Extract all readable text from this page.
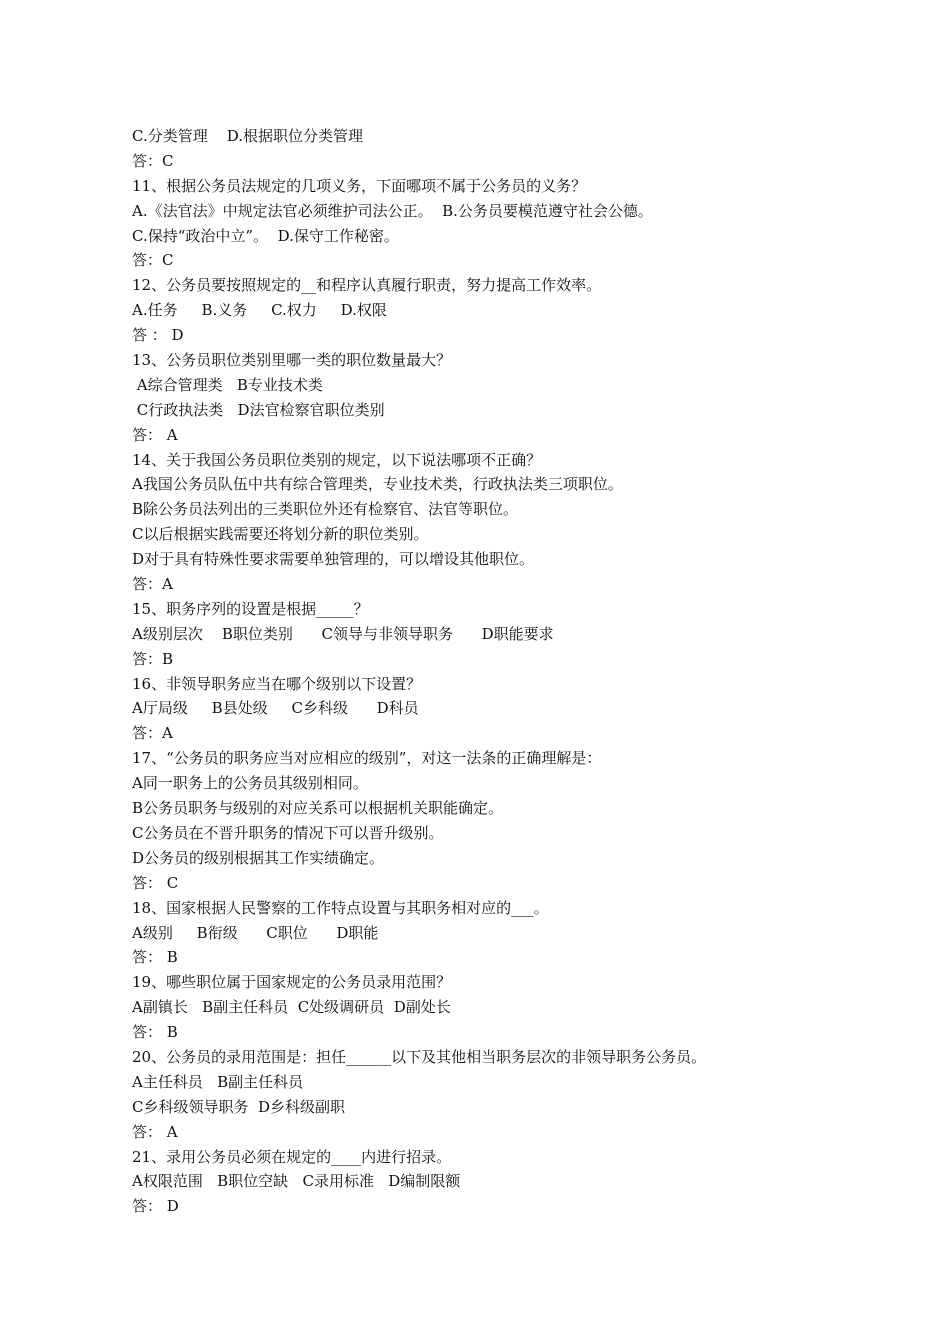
C.分类管理    D.根据职位分类管理
答：C
11、根据公务员法规定的几项义务，下面哪项不属于公务员的义务？
A.《法官法》中规定法官必须维护司法公正。  B.公务员要模范遵守社会公德。
C.保持“政治中立”。  D.保守工作秘密。
答：C
12、公务员要按照规定的__和程序认真履行职责，努力提高工作效率。
A.任务     B.义务     C.权力     D.权限
答 ： D
13、公务员职位类别里哪一类的职位数量最大？
A综合管理类   B专业技术类
C行政执法类   D法官检察官职位类别
答： A
14、关于我国公务员职位类别的规定，以下说法哪项不正确？
A我国公务员队伍中共有综合管理类，专业技术类，行政执法类三项职位。
B除公务员法列出的三类职位外还有检察官、法官等职位。
C以后根据实践需要还将划分新的职位类别。
D对于具有特殊性要求需要单独管理的，可以增设其他职位。
答：A
15、职务序列的设置是根据_____？
A级别层次    B职位类别      C领导与非领导职务      D职能要求
答：B
16、非领导职务应当在哪个级别以下设置？
A厅局级     B县处级     C乡科级      D科员
答：A
17、“公务员的职务应当对应相应的级别”，对这一法条的正确理解是：
A同一职务上的公务员其级别相同。
B公务员职务与级别的对应关系可以根据机关职能确定。
C公务员在不晋升职务的情况下可以晋升级别。
D公务员的级别根据其工作实绩确定。
答： C
18、国家根据人民警察的工作特点设置与其职务相对应的___。
A级别     B衔级      C职位      D职能
答： B
19、哪些职位属于国家规定的公务员录用范围？
A副镇长   B副主任科员  C处级调研员  D副处长
答： B
20、公务员的录用范围是：担任______以下及其他相当职务层次的非领导职务公务员。
A主任科员   B副主任科员
C乡科级领导职务  D乡科级副职
答： A
21、录用公务员必须在规定的____内进行招录。
A权限范围   B职位空缺   C录用标准   D编制限额
答： D
